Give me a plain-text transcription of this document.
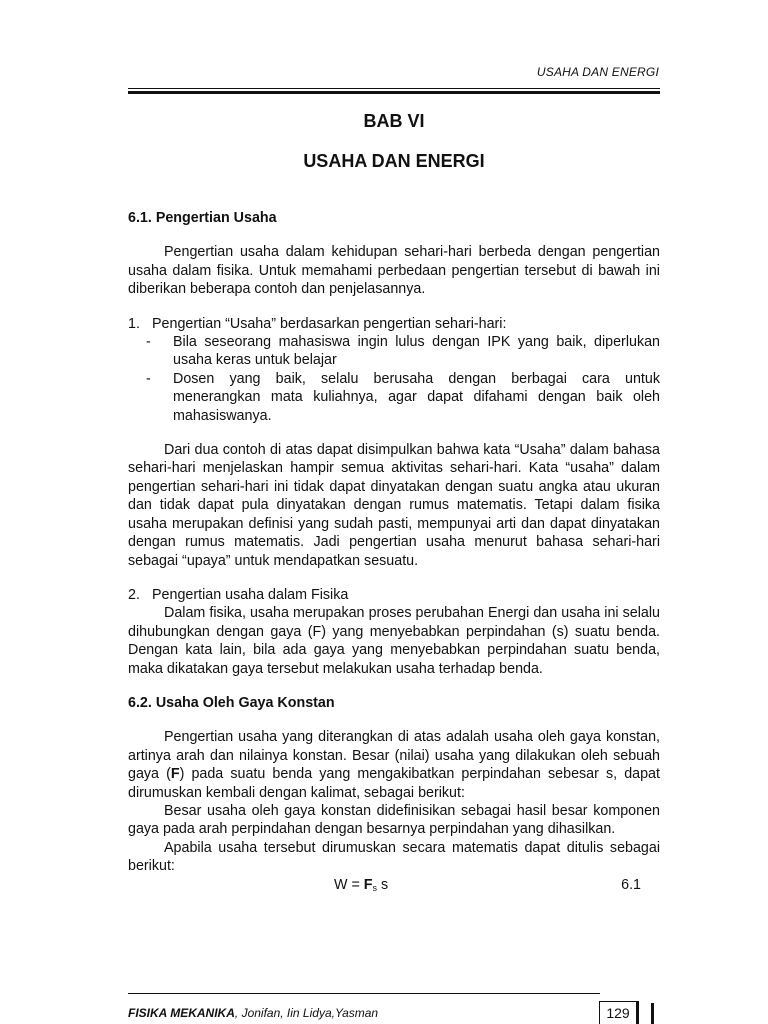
USAHA DAN ENERGI
BAB VI
USAHA DAN ENERGI

6.1. Pengertian Usaha

Pengertian usaha dalam kehidupan sehari-hari berbeda dengan pengertian usaha dalam fisika. Untuk memahami perbedaan pengertian tersebut di bawah ini diberikan beberapa contoh dan penjelasannya.

1. Pengertian “Usaha” berdasarkan pengertian sehari-hari:
-	Bila seseorang mahasiswa ingin lulus dengan IPK yang baik, diperlukan usaha keras untuk belajar
-	Dosen yang baik, selalu berusaha dengan berbagai cara untuk menerangkan mata kuliahnya, agar dapat difahami dengan baik oleh mahasiswanya.

Dari dua contoh di atas dapat disimpulkan bahwa kata “Usaha” dalam bahasa sehari-hari menjelaskan hampir semua aktivitas sehari-hari. Kata “usaha” dalam pengertian sehari-hari ini tidak dapat dinyatakan dengan suatu angka atau ukuran dan tidak dapat pula dinyatakan dengan rumus matematis. Tetapi dalam fisika usaha merupakan definisi yang sudah pasti, mempunyai arti dan dapat dinyatakan dengan rumus matematis. Jadi pengertian usaha menurut bahasa sehari-hari sebagai “upaya” untuk mendapatkan sesuatu.

2. Pengertian usaha dalam Fisika

Dalam fisika, usaha merupakan proses perubahan Energi dan usaha ini selalu dihubungkan dengan gaya (F) yang menyebabkan perpindahan (s) suatu benda. Dengan kata lain, bila ada gaya yang menyebabkan perpindahan suatu benda, maka dikatakan gaya tersebut melakukan usaha terhadap benda.

6.2. Usaha Oleh Gaya Konstan

Pengertian usaha yang diterangkan di atas adalah usaha oleh gaya konstan, artinya arah dan nilainya konstan. Besar (nilai) usaha yang dilakukan oleh sebuah gaya (F) pada suatu benda yang mengakibatkan perpindahan sebesar s, dapat dirumuskan kembali dengan kalimat, sebagai berikut:

Besar usaha oleh gaya konstan didefinisikan sebagai hasil besar komponen gaya pada arah perpindahan dengan besarnya perpindahan yang dihasilkan.

Apabila usaha tersebut dirumuskan secara matematis dapat ditulis sebagai berikut:

$W = F_s$ s	6.1
FISIKA MEKANIKA, Jonifan, Iin Lidya,Yasman	129
